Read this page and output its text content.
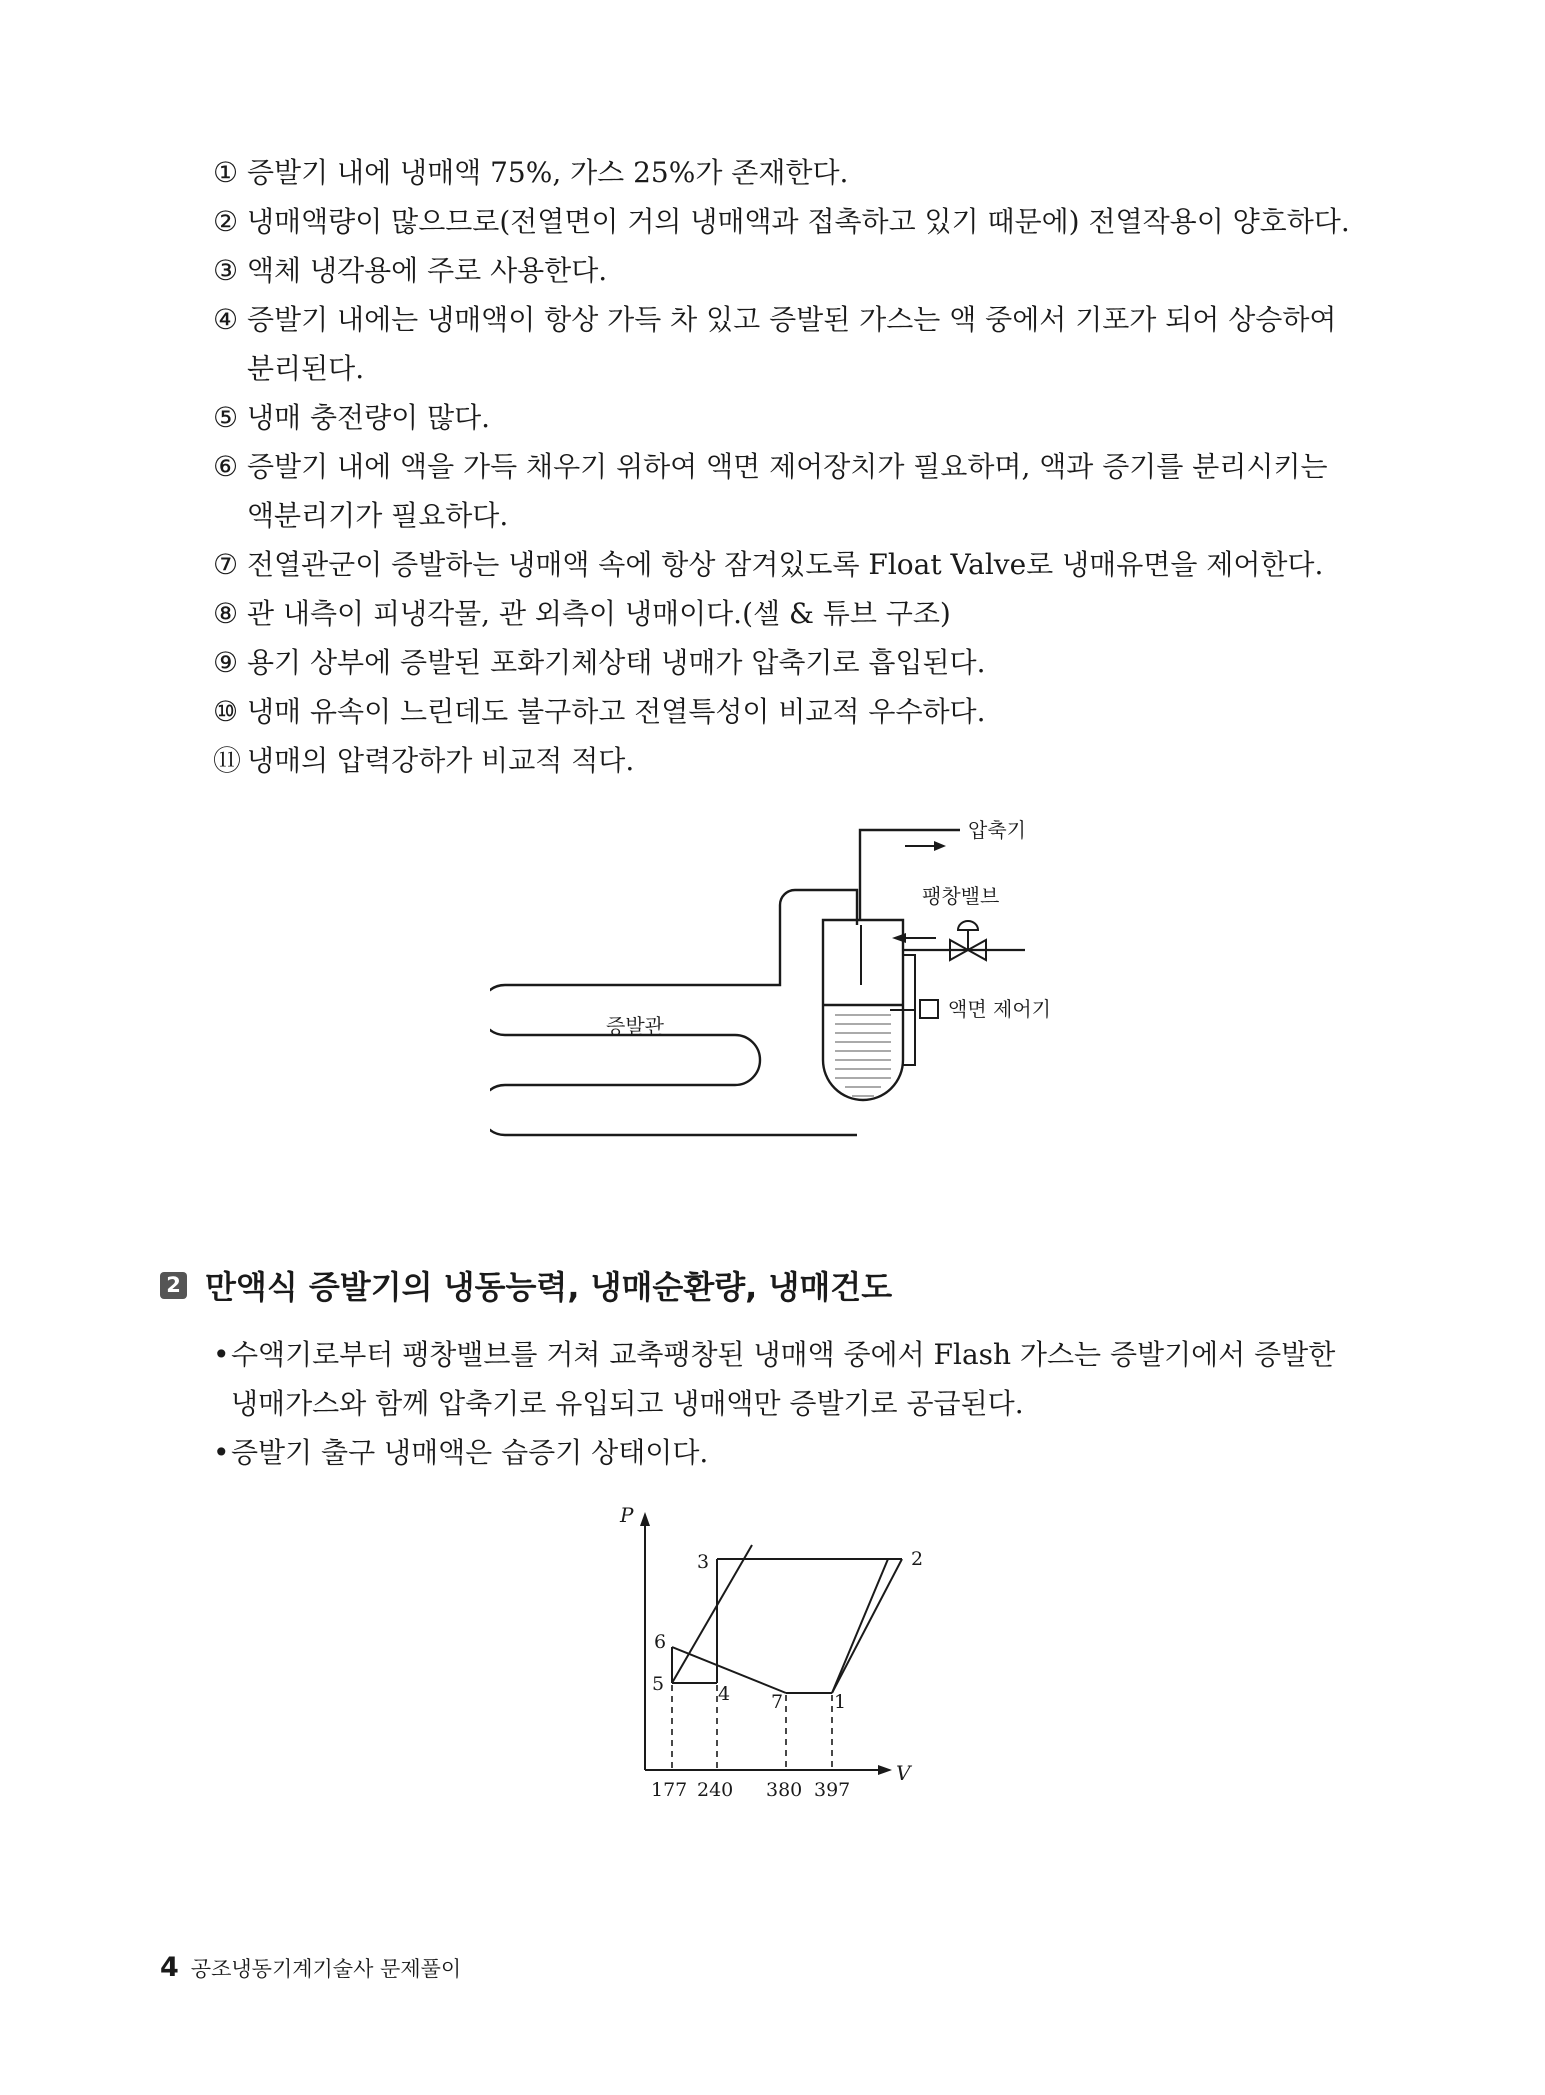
① 증발기 내에 냉매액 75%, 가스 25%가 존재한다.
② 냉매액량이 많으므로(전열면이 거의 냉매액과 접촉하고 있기 때문에) 전열작용이 양호하다.
③ 액체 냉각용에 주로 사용한다.
④ 증발기 내에는 냉매액이 항상 가득 차 있고 증발된 가스는 액 중에서 기포가 되어 상승하여 분리된다.
⑤ 냉매 충전량이 많다.
⑥ 증발기 내에 액을 가득 채우기 위하여 액면 제어장치가 필요하며, 액과 증기를 분리시키는 액분리기가 필요하다.
⑦ 전열관군이 증발하는 냉매액 속에 항상 잠겨있도록 Float Valve로 냉매유면을 제어한다.
⑧ 관 내측이 피냉각물, 관 외측이 냉매이다.(셀 & 튜브 구조)
⑨ 용기 상부에 증발된 포화기체상태 냉매가 압축기로 흡입된다.
⑩ 냉매 유속이 느린데도 불구하고 전열특성이 비교적 우수하다.
⑪ 냉매의 압력강하가 비교적 적다.
압축기
팽창밸브
액면 제어기
증발관
2 만액식 증발기의 냉동능력, 냉매순환량, 냉매건도
• 수액기로부터 팽창밸브를 거쳐 교축팽창된 냉매액 중에서 Flash 가스는 증발기에서 증발한 냉매가스와 함께 압축기로 유입되고 냉매액만 증발기로 공급된다.
• 증발기 출구 냉매액은 습증기 상태이다.
P
V
3	2
6
5	4 7	1
177 240 380 397
4 공조냉동기계기술사 문제풀이
